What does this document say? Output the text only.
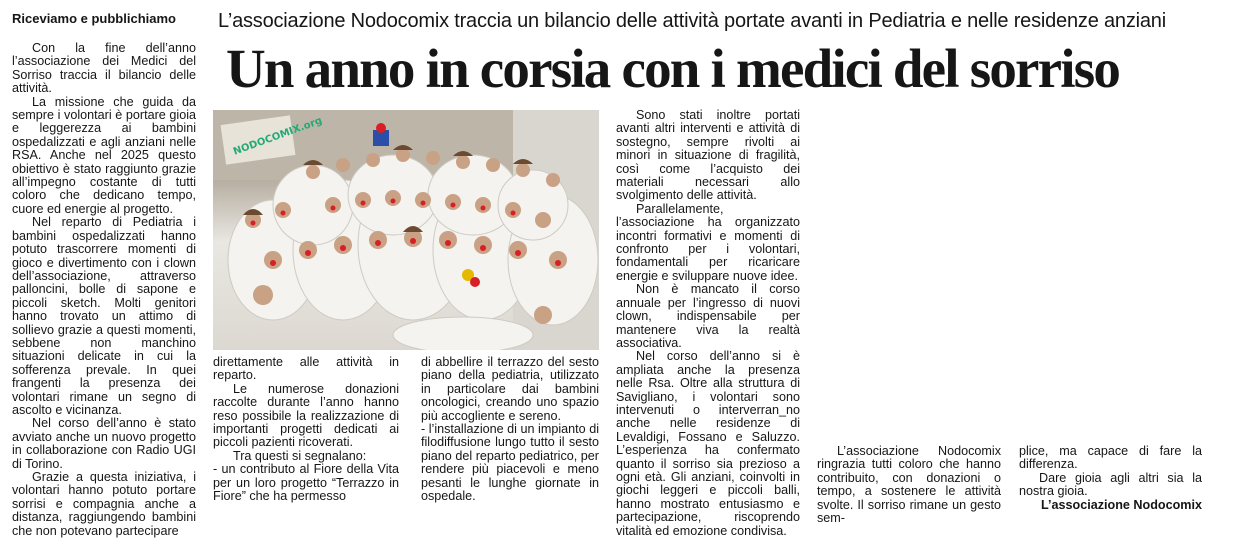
Riceviamo e pubblichiamo L’associazione Nodocomix traccia un bilancio delle attività portate avanti in Pediatria e nelle residenze anziani
Un anno in corsia con i medici del sorriso

Con la fine dell’anno l’associazione dei Medici del Sorriso traccia il bilancio delle attività.

La missione che guida da sempre i volontari è portare gioia e leggerezza ai bambini ospedalizzati e agli anziani nelle RSA. Anche nel 2025 questo obiettivo è stato raggiunto grazie all’impegno costante di tutti coloro che dedicano tempo, cuore ed energie al progetto.

Nel reparto di Pediatria i bambini ospedalizzati hanno potuto trascorrere momenti di gioco e divertimento con i clown dell’associazione, attraverso palloncini, bolle di sapone e piccoli sketch. Molti genitori hanno trovato un attimo di sollievo grazie a questi momenti, sebbene non manchino situazioni delicate in cui la sofferenza prevale. In quei frangenti la presenza dei volontari rimane un segno di ascolto e vicinanza.

Nel corso dell’anno è stato avviato anche un nuovo progetto in collaborazione con Radio UGI di Torino.

Grazie a questa iniziativa, i volontari hanno potuto portare sorrisi e compagnia anche a distanza, raggiungendo bambini che non potevano partecipare

NODOCOMIX.org

direttamente alle attività in reparto.

Le numerose donazioni raccolte durante l’anno hanno reso possibile la realizzazione di importanti progetti dedicati ai piccoli pazienti ricoverati.

Tra questi si segnalano:

- un contributo al Fiore della Vita per un loro progetto “Terrazzo in Fiore” che ha permesso

di abbellire il terrazzo del sesto piano della pediatria, utilizzato in particolare dai bambini oncologici, creando uno spazio più accogliente e sereno.

- l’installazione di un impianto di filodiffusione lungo tutto il sesto piano del reparto pediatrico, per rendere più piacevoli e meno pesanti le lunghe giornate in ospedale.

Sono stati inoltre portati avanti altri interventi e attività di sostegno, sempre rivolti ai minori in situazione di fragilità, così come l’acquisto dei materiali necessari allo svolgimento delle attività.

Parallelamente, l’associazione ha organizzato incontri formativi e momenti di confronto per i volontari, fondamentali per ricaricare energie e sviluppare nuove idee.

Non è mancato il corso annuale per l’ingresso di nuovi clown, indispensabile per mantenere viva la realtà associativa.

Nel corso dell’anno si è ampliata anche la presenza nelle Rsa. Oltre alla struttura di Savigliano, i volontari sono intervenuti o interverran_no anche nelle residenze di Levaldigi, Fossano e Saluzzo. L’esperienza ha confermato quanto il sorriso sia prezioso a ogni età. Gli anziani, coinvolti in giochi leggeri e piccoli balli, hanno mostrato entusiasmo e partecipazione, riscoprendo vitalità ed emozione condivisa.

L’associazione Nodocomix ringrazia tutti coloro che hanno contribuito, con donazioni o tempo, a sostenere le attività svolte. Il sorriso rimane un gesto sem-

plice, ma capace di fare la differenza.

Dare gioia agli altri sia la nostra gioia.

L’associazione Nodocomix
